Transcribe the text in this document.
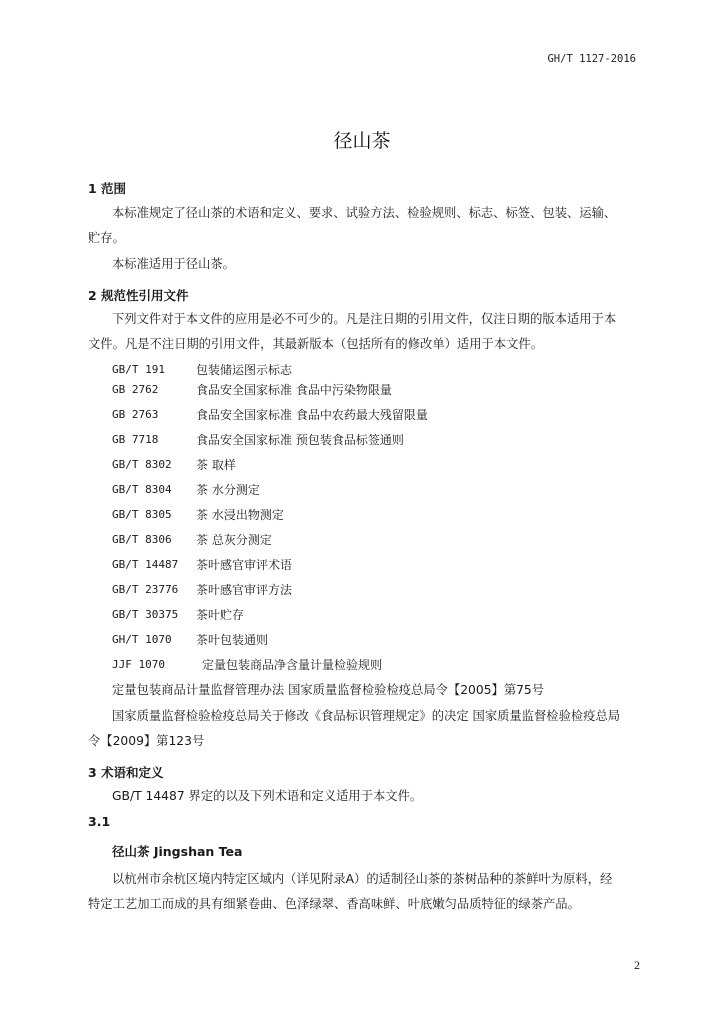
GH/T 1127-2016
径山茶
1 范围
本标准规定了径山茶的术语和定义、要求、试验方法、检验规则、标志、标签、包装、运输、
贮存。
本标准适用于径山茶。
2 规范性引用文件
下列文件对于本文件的应用是必不可少的。凡是注日期的引用文件，仅注日期的版本适用于本
文件。凡是不注日期的引用文件，其最新版本（包括所有的修改单）适用于本文件。
GB/T 191	包装储运图示标志
GB 2762	食品安全国家标准 食品中污染物限量
GB 2763	食品安全国家标准 食品中农药最大残留限量
GB 7718	食品安全国家标准 预包装食品标签通则
GB/T 8302 茶 取样
GB/T 8304 茶 水分测定
GB/T 8305 茶 水浸出物测定
GB/T 8306 茶 总灰分测定
GB/T 14487 茶叶感官审评术语
GB/T 23776 茶叶感官审评方法
GB/T 30375 茶叶贮存
GH/T 1070 茶叶包装通则
JJF 1070	定量包装商品净含量计量检验规则
定量包装商品计量监督管理办法 国家质量监督检验检疫总局令【2005】第75号
国家质量监督检验检疫总局关于修改《食品标识管理规定》的决定 国家质量监督检验检疫总局
令【2009】第123号
3 术语和定义
GB/T 14487 界定的以及下列术语和定义适用于本文件。
3.1
径山茶 Jingshan Tea
以杭州市余杭区境内特定区域内（详见附录A）的适制径山茶的茶树品种的茶鲜叶为原料，经
特定工艺加工而成的具有细紧卷曲、色泽绿翠、香高味鲜、叶底嫩匀品质特征的绿茶产品。
2
